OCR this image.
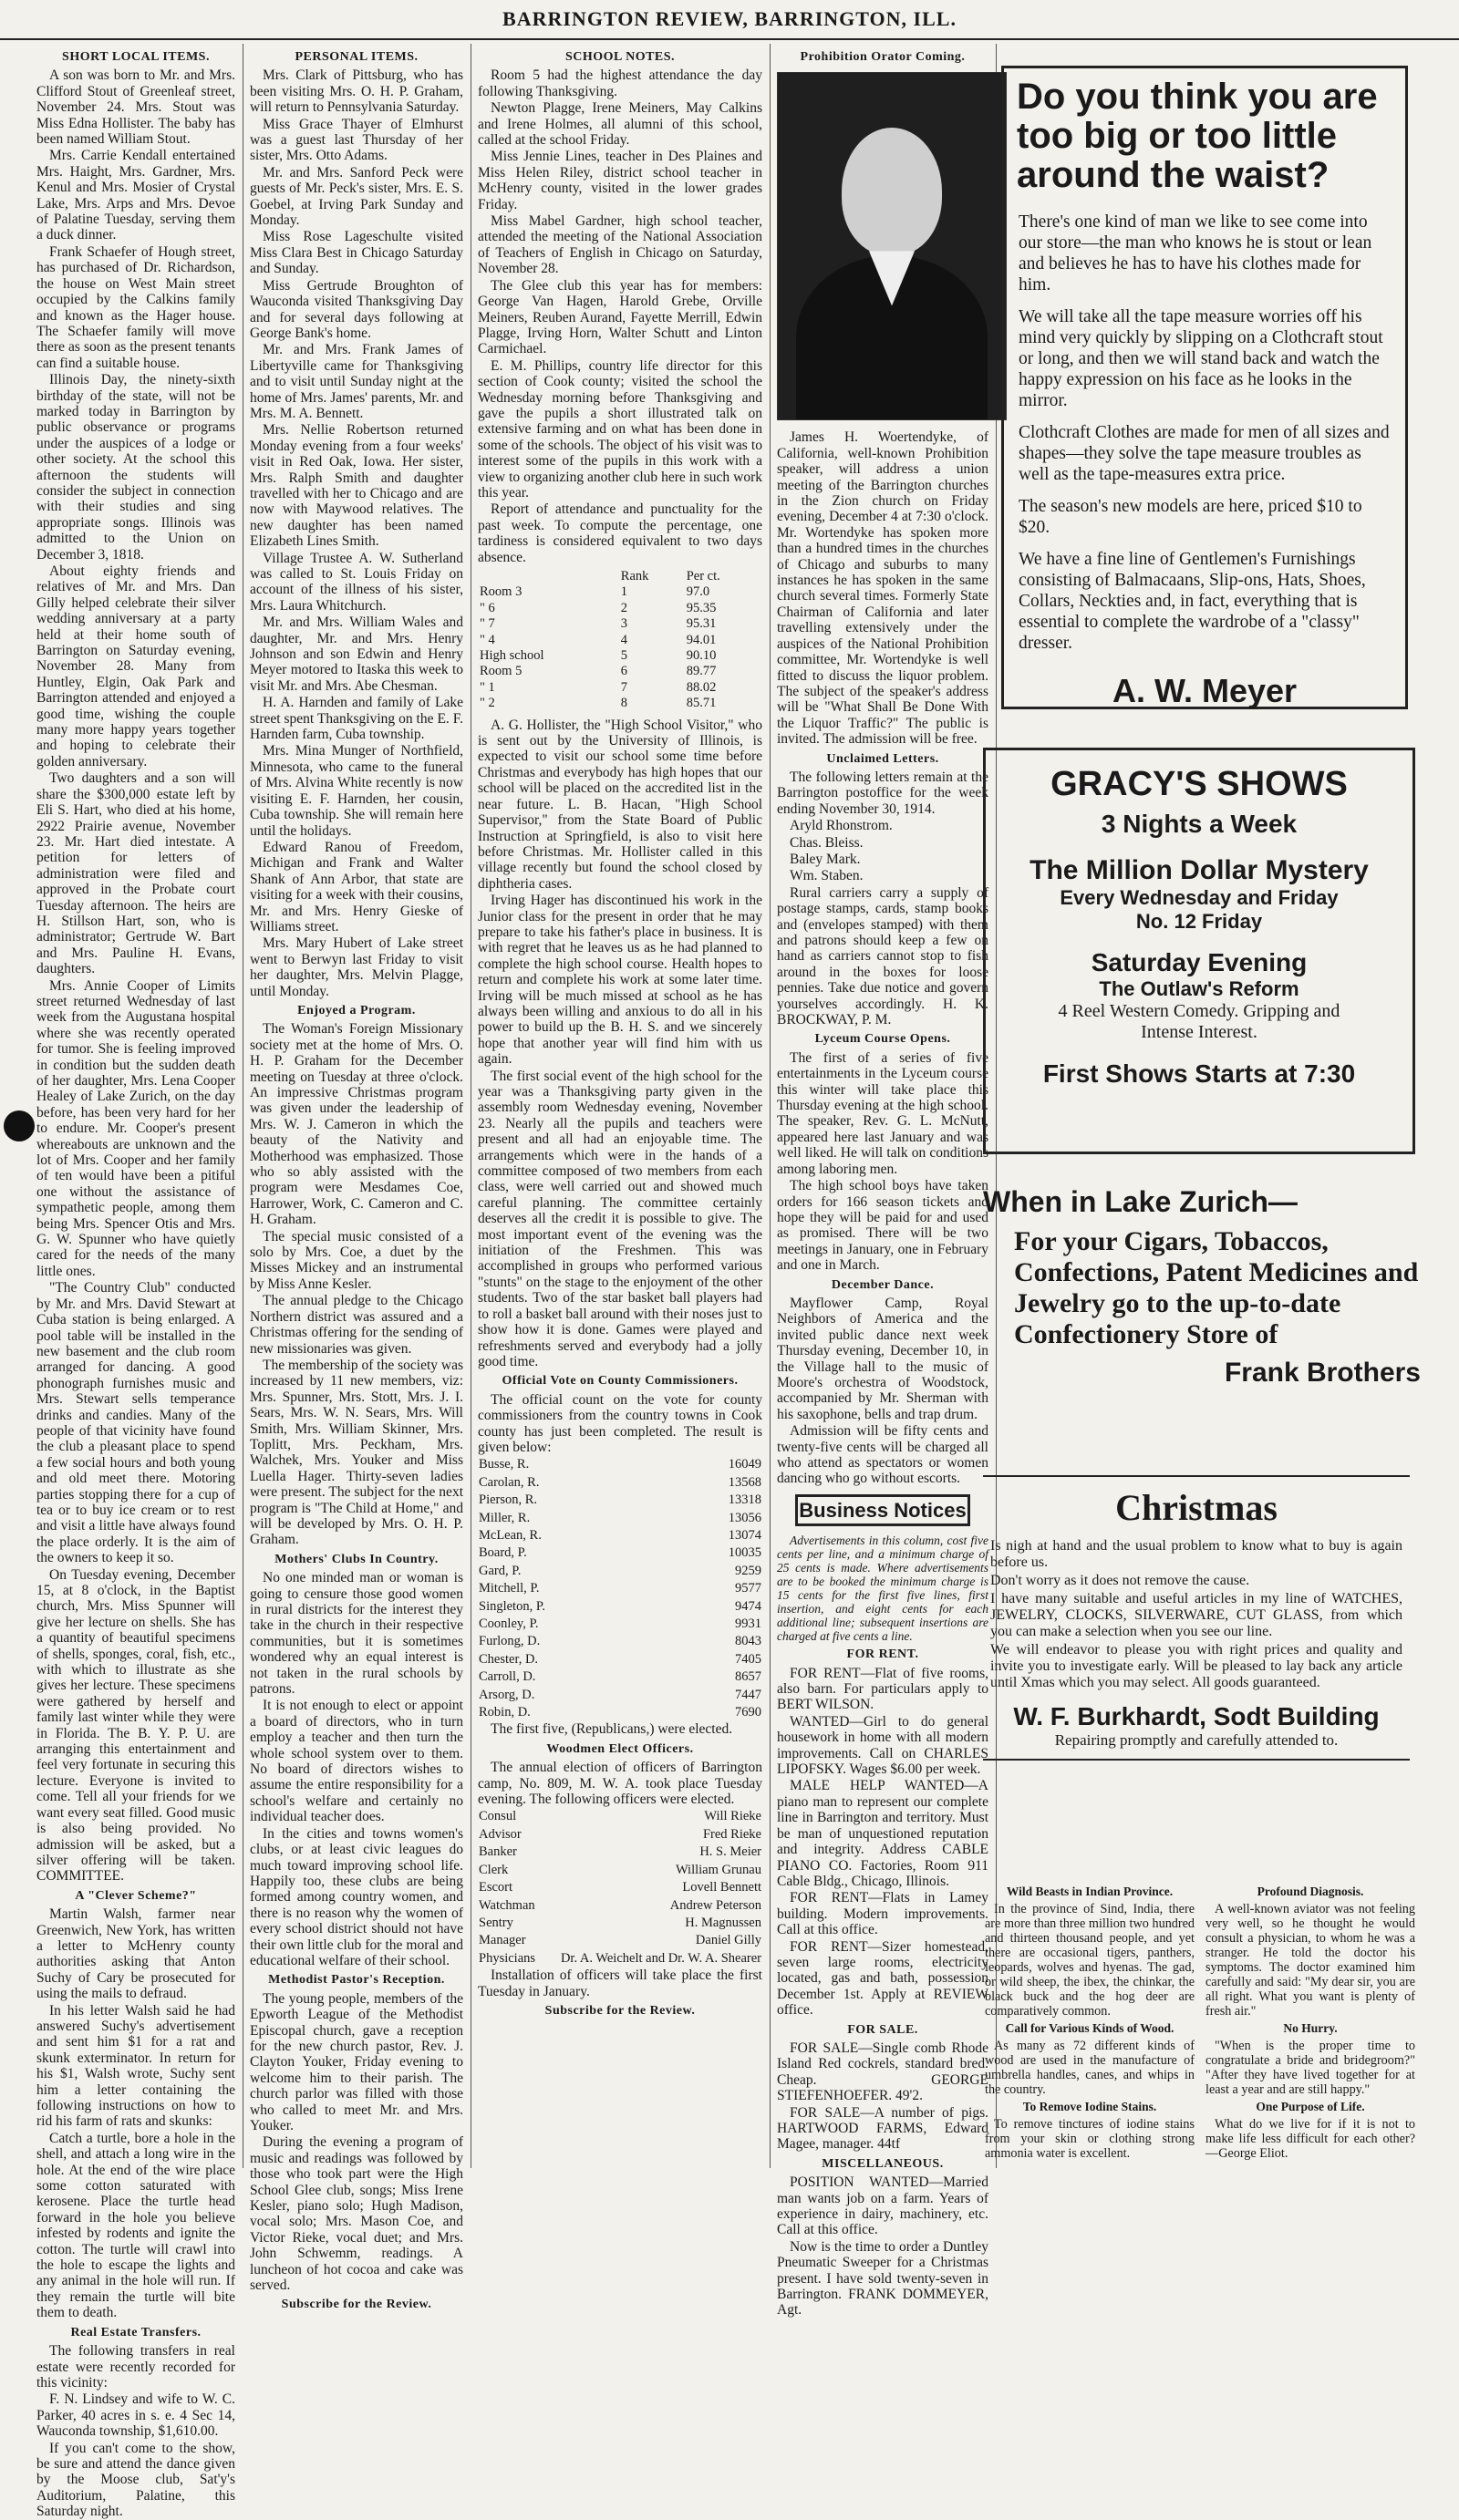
BARRINGTON REVIEW, BARRINGTON, ILL.
SHORT LOCAL ITEMS.

A son was born to Mr. and Mrs. Clifford Stout of Greenleaf street, November 24. Mrs. Stout was Miss Edna Hollister. The baby has been named William Stout.

Mrs. Carrie Kendall entertained Mrs. Haight, Mrs. Gardner, Mrs. Kenul and Mrs. Mosier of Crystal Lake, Mrs. Arps and Mrs. Devoe of Palatine Tuesday, serving them a duck dinner.

Frank Schaefer of Hough street, has purchased of Dr. Richardson, the house on West Main street occupied by the Calkins family and known as the Hager house. The Schaefer family will move there as soon as the present tenants can find a suitable house.

Illinois Day, the ninety-sixth birthday of the state, will not be marked today in Barrington by public observance or programs under the auspices of a lodge or other society. At the school this afternoon the students will consider the subject in connection with their studies and sing appropriate songs. Illinois was admitted to the Union on December 3, 1818.

About eighty friends and relatives of Mr. and Mrs. Dan Gilly helped celebrate their silver wedding anniversary at a party held at their home south of Barrington on Saturday evening, November 28. Many from Huntley, Elgin, Oak Park and Barrington attended and enjoyed a good time, wishing the couple many more happy years together and hoping to celebrate their golden anniversary.

Two daughters and a son will share the $300,000 estate left by Eli S. Hart, who died at his home, 2922 Prairie avenue, November 23. Mr. Hart died intestate. A petition for letters of administration were filed and approved in the Probate court Tuesday afternoon. The heirs are H. Stillson Hart, son, who is administrator; Gertrude W. Bart and Mrs. Pauline H. Evans, daughters.

Mrs. Annie Cooper of Limits street returned Wednesday of last week from the Augustana hospital where she was recently operated for tumor. She is feeling improved in condition but the sudden death of her daughter, Mrs. Lena Cooper Healey of Lake Zurich, on the day before, has been very hard for her to endure. Mr. Cooper's present whereabouts are unknown and the lot of Mrs. Cooper and her family of ten would have been a pitiful one without the assistance of sympathetic people, among them being Mrs. Spencer Otis and Mrs. G. W. Spunner who have quietly cared for the needs of the many little ones.

"The Country Club" conducted by Mr. and Mrs. David Stewart at Cuba station is being enlarged. A pool table will be installed in the new basement and the club room arranged for dancing. A good phonograph furnishes music and Mrs. Stewart sells temperance drinks and candies. Many of the people of that vicinity have found the club a pleasant place to spend a few social hours and both young and old meet there. Motoring parties stopping there for a cup of tea or to buy ice cream or to rest and visit a little have always found the place orderly. It is the aim of the owners to keep it so.

On Tuesday evening, December 15, at 8 o'clock, in the Baptist church, Mrs. Miss Spunner will give her lecture on shells. She has a quantity of beautiful specimens of shells, sponges, coral, fish, etc., with which to illustrate as she gives her lecture. These specimens were gathered by herself and family last winter while they were in Florida. The B. Y. P. U. are arranging this entertainment and feel very fortunate in securing this lecture. Everyone is invited to come. Tell all your friends for we want every seat filled. Good music is also being provided. No admission will be asked, but a silver offering will be taken. COMMITTEE.

A "Clever Scheme?"

Martin Walsh, farmer near Greenwich, New York, has written a letter to McHenry county authorities asking that Anton Suchy of Cary be prosecuted for using the mails to defraud.

In his letter Walsh said he had answered Suchy's advertisement and sent him $1 for a rat and skunk exterminator. In return for his $1, Walsh wrote, Suchy sent him a letter containing the following instructions on how to rid his farm of rats and skunks:

Catch a turtle, bore a hole in the shell, and attach a long wire in the hole. At the end of the wire place some cotton saturated with kerosene. Place the turtle head forward in the hole you believe infested by rodents and ignite the cotton. The turtle will crawl into the hole to escape the lights and any animal in the hole will run. If they remain the turtle will bite them to death.

Real Estate Transfers.

The following transfers in real estate were recently recorded for this vicinity:

F. N. Lindsey and wife to W. C. Parker, 40 acres in s. e. 4 Sec 14, Wauconda township, $1,610.00.

If you can't come to the show, be sure and attend the dance given by the Moose club, Sat'y's Auditorium, Palatine, this Saturday night.

PERSONAL ITEMS.

Mrs. Clark of Pittsburg, who has been visiting Mrs. O. H. P. Graham, will return to Pennsylvania Saturday.

Miss Grace Thayer of Elmhurst was a guest last Thursday of her sister, Mrs. Otto Adams.

Mr. and Mrs. Sanford Peck were guests of Mr. Peck's sister, Mrs. E. S. Goebel, at Irving Park Sunday and Monday.

Miss Rose Lageschulte visited Miss Clara Best in Chicago Saturday and Sunday.

Miss Gertrude Broughton of Wauconda visited Thanksgiving Day and for several days following at George Bank's home.

Mr. and Mrs. Frank James of Libertyville came for Thanksgiving and to visit until Sunday night at the home of Mrs. James' parents, Mr. and Mrs. M. A. Bennett.

Mrs. Nellie Robertson returned Monday evening from a four weeks' visit in Red Oak, Iowa. Her sister, Mrs. Ralph Smith and daughter travelled with her to Chicago and are now with Maywood relatives. The new daughter has been named Elizabeth Lines Smith.

Village Trustee A. W. Sutherland was called to St. Louis Friday on account of the illness of his sister, Mrs. Laura Whitchurch.

Mr. and Mrs. William Wales and daughter, Mr. and Mrs. Henry Johnson and son Edwin and Henry Meyer motored to Itaska this week to visit Mr. and Mrs. Abe Chesman.

H. A. Harnden and family of Lake street spent Thanksgiving on the E. F. Harnden farm, Cuba township.

Mrs. Mina Munger of Northfield, Minnesota, who came to the funeral of Mrs. Alvina White recently is now visiting E. F. Harnden, her cousin, Cuba township. She will remain here until the holidays.

Edward Ranou of Freedom, Michigan and Frank and Walter Shank of Ann Arbor, that state are visiting for a week with their cousins, Mr. and Mrs. Henry Gieske of Williams street.

Mrs. Mary Hubert of Lake street went to Berwyn last Friday to visit her daughter, Mrs. Melvin Plagge, until Monday.

Enjoyed a Program.

The Woman's Foreign Missionary society met at the home of Mrs. O. H. P. Graham for the December meeting on Tuesday at three o'clock. An impressive Christmas program was given under the leadership of Mrs. W. J. Cameron in which the beauty of the Nativity and Motherhood was emphasized. Those who so ably assisted with the program were Mesdames Coe, Harrower, Work, C. Cameron and C. H. Graham.

The special music consisted of a solo by Mrs. Coe, a duet by the Misses Mickey and an instrumental by Miss Anne Kesler.

The annual pledge to the Chicago Northern district was assured and a Christmas offering for the sending of new missionaries was given.

The membership of the society was increased by 11 new members, viz: Mrs. Spunner, Mrs. Stott, Mrs. J. I. Sears, Mrs. W. N. Sears, Mrs. Will Smith, Mrs. William Skinner, Mrs. Toplitt, Mrs. Peckham, Mrs. Walchek, Mrs. Youker and Miss Luella Hager. Thirty-seven ladies were present. The subject for the next program is "The Child at Home," and will be developed by Mrs. O. H. P. Graham.

Mothers' Clubs In Country.

No one minded man or woman is going to censure those good women in rural districts for the interest they take in the church in their respective communities, but it is sometimes wondered why an equal interest is not taken in the rural schools by patrons.

It is not enough to elect or appoint a board of directors, who in turn employ a teacher and then turn the whole school system over to them. No board of directors wishes to assume the entire responsibility for a school's welfare and certainly no individual teacher does.

In the cities and towns women's clubs, or at least civic leagues do much toward improving school life. Happily too, these clubs are being formed among country women, and there is no reason why the women of every school district should not have their own little club for the moral and educational welfare of their school.

Methodist Pastor's Reception.

The young people, members of the Epworth League of the Methodist Episcopal church, gave a reception for the new church pastor, Rev. J. Clayton Youker, Friday evening to welcome him to their parish. The church parlor was filled with those who called to meet Mr. and Mrs. Youker.

During the evening a program of music and readings was followed by those who took part were the High School Glee club, songs; Miss Irene Kesler, piano solo; Hugh Madison, vocal solo; Mrs. Mason Coe, and Victor Rieke, vocal duet; and Mrs. John Schwemm, readings. A luncheon of hot cocoa and cake was served.

Subscribe for the Review.
SCHOOL NOTES.

Room 5 had the highest attendance the day following Thanksgiving.

Newton Plagge, Irene Meiners, May Calkins and Irene Holmes, all alumni of this school, called at the school Friday.

Miss Jennie Lines, teacher in Des Plaines and Miss Helen Riley, district school teacher in McHenry county, visited in the lower grades Friday.

Miss Mabel Gardner, high school teacher, attended the meeting of the National Association of Teachers of English in Chicago on Saturday, November 28.

The Glee club this year has for members: George Van Hagen, Harold Grebe, Orville Meiners, Reuben Aurand, Fayette Merrill, Edwin Plagge, Irving Horn, Walter Schutt and Linton Carmichael.

E. M. Phillips, country life director for this section of Cook county; visited the school the Wednesday morning before Thanksgiving and gave the pupils a short illustrated talk on extensive farming and on what has been done in some of the schools. The object of his visit was to interest some of the pupils in this work with a view to organizing another club here in such work this year.

Report of attendance and punctuality for the past week. To compute the percentage, one tardiness is considered equivalent to two days absence.

	Rank	Per ct.
Room 3	1	97.0
" 6	2	95.35
" 7	3	95.31
" 4	4	94.01
High school	5	90.10
Room 5	6	89.77
" 1	7	88.02
" 2	8	85.71

A. G. Hollister, the "High School Visitor," who is sent out by the University of Illinois, is expected to visit our school some time before Christmas and everybody has high hopes that our school will be placed on the accredited list in the near future. L. B. Hacan, "High School Supervisor," from the State Board of Public Instruction at Springfield, is also to visit here before Christmas. Mr. Hollister called in this village recently but found the school closed by diphtheria cases.

Irving Hager has discontinued his work in the Junior class for the present in order that he may prepare to take his father's place in business. It is with regret that he leaves us as he had planned to complete the high school course. Health hopes to return and complete his work at some later time. Irving will be much missed at school as he has always been willing and anxious to do all in his power to build up the B. H. S. and we sincerely hope that another year will find him with us again.

The first social event of the high school for the year was a Thanksgiving party given in the assembly room Wednesday evening, November 23. Nearly all the pupils and teachers were present and all had an enjoyable time. The arrangements which were in the hands of a committee composed of two members from each class, were well carried out and showed much careful planning. The committee certainly deserves all the credit it is possible to give. The most important event of the evening was the initiation of the Freshmen. This was accomplished in groups who performed various "stunts" on the stage to the enjoyment of the other students. Two of the star basket ball players had to roll a basket ball around with their noses just to show how it is done. Games were played and refreshments served and everybody had a jolly good time.

Official Vote on County Commissioners.

The official count on the vote for county commissioners from the country towns in Cook county has just been completed. The result is given below:

Busse, R.	16049
Carolan, R.	13568
Pierson, R.	13318
Miller, R.	13056
McLean, R.	13074
Board, P.	10035
Gard, P.	9259
Mitchell, P.	9577
Singleton, P.	9474
Coonley, P.	9931
Furlong, D.	8043
Chester, D.	7405
Carroll, D.	8657
Arsorg, D.	7447
Robin, D.	7690

The first five, (Republicans,) were elected.

Woodmen Elect Officers.

The annual election of officers of Barrington camp, No. 809, M. W. A. took place Tuesday evening. The following officers were elected.

Consul	Will Rieke
Advisor	Fred Rieke
Banker	H. S. Meier
Clerk	William Grunau
Escort	Lovell Bennett
Watchman	Andrew Peterson
Sentry	H. Magnussen
Manager	Daniel Gilly
Physicians	Dr. A. Weichelt and Dr. W. A. Shearer

Installation of officers will take place the first Tuesday in January.

Subscribe for the Review.
Prohibition Orator Coming.

James H. Woertendyke, of California, well-known Prohibition speaker, will address a union meeting of the Barrington churches in the Zion church on Friday evening, December 4 at 7:30 o'clock. Mr. Wortendyke has spoken more than a hundred times in the churches of Chicago and suburbs to many instances he has spoken in the same church several times. Formerly State Chairman of California and later travelling extensively under the auspices of the National Prohibition committee, Mr. Wortendyke is well fitted to discuss the liquor problem. The subject of the speaker's address will be "What Shall Be Done With the Liquor Traffic?" The public is invited. The admission will be free.

Unclaimed Letters.

The following letters remain at the Barrington postoffice for the week ending November 30, 1914.

Aryld Rhonstrom.

Chas. Bleiss.

Baley Mark.

Wm. Staben.

Rural carriers carry a supply of postage stamps, cards, stamp books and (envelopes stamped) with them and patrons should keep a few on hand as carriers cannot stop to fish around in the boxes for loose pennies. Take due notice and govern yourselves accordingly. H. K. BROCKWAY, P. M.

Lyceum Course Opens.

The first of a series of five entertainments in the Lyceum course this winter will take place this Thursday evening at the high school. The speaker, Rev. G. L. McNutt, appeared here last January and was well liked. He will talk on conditions among laboring men.

The high school boys have taken orders for 166 season tickets and hope they will be paid for and used as promised. There will be two meetings in January, one in February and one in March.

December Dance.

Mayflower Camp, Royal Neighbors of America and the invited public dance next week Thursday evening, December 10, in the Village hall to the music of Moore's orchestra of Woodstock, accompanied by Mr. Sherman with his saxophone, bells and trap drum.

Admission will be fifty cents and twenty-five cents will be charged all who attend as spectators or women dancing who go without escorts.

Business Notices

Advertisements in this column, cost five cents per line, and a minimum charge of 25 cents is made. Where advertisements are to be booked the minimum charge is 15 cents for the first five lines, first insertion, and eight cents for each additional line; subsequent insertions are charged at five cents a line.

FOR RENT.

FOR RENT—Flat of five rooms, also barn. For particulars apply to BERT WILSON.

WANTED—Girl to do general housework in home with all modern improvements. Call on CHARLES LIPOFSKY. Wages $6.00 per week.

MALE HELP WANTED—A piano man to represent our complete line in Barrington and territory. Must be man of unquestioned reputation and integrity. Address CABLE PIANO CO. Factories, Room 911 Cable Bldg., Chicago, Illinois.

FOR RENT—Flats in Lamey building. Modern improvements. Call at this office.

FOR RENT—Sizer homestead, seven large rooms, electricity located, gas and bath, possession December 1st. Apply at REVIEW office.

FOR SALE.

FOR SALE—Single comb Rhode Island Red cockrels, standard bred. Cheap. GEORGE STIEFENHOEFER. 49'2.

FOR SALE—A number of pigs. HARTWOOD FARMS, Edward Magee, manager. 44tf

MISCELLANEOUS.

POSITION WANTED—Married man wants job on a farm. Years of experience in dairy, machinery, etc. Call at this office.

Now is the time to order a Duntley Pneumatic Sweeper for a Christmas present. I have sold twenty-seven in Barrington. FRANK DOMMEYER, Agt.

Do you think you are too big or too little around the waist?

There's one kind of man we like to see come into our store—the man who knows he is stout or lean and believes he has to have his clothes made for him.

We will take all the tape measure worries off his mind very quickly by slipping on a Clothcraft stout or long, and then we will stand back and watch the happy expression on his face as he looks in the mirror.

Clothcraft Clothes are made for men of all sizes and shapes—they solve the tape measure troubles as well as the tape-measures extra price.

The season's new models are here, priced $10 to $20.

We have a fine line of Gentlemen's Furnishings consisting of Balmacaans, Slip-ons, Hats, Shoes, Collars, Neckties and, in fact, everything that is essential to complete the wardrobe of a "classy" dresser.

A. W. Meyer
GRACY'S SHOWS
3 Nights a Week
The Million Dollar Mystery
Every Wednesday and Friday
No. 12 Friday
Saturday Evening
The Outlaw's Reform
4 Reel Western Comedy. Gripping and
Intense Interest.
First Shows Starts at 7:30
When in Lake Zurich—
For your Cigars, Tobaccos, Confections, Patent Medicines and Jewelry go to the up-to-date Confectionery Store of
Frank Brothers
Christmas

Is nigh at hand and the usual problem to know what to buy is again before us.

Don't worry as it does not remove the cause.

I have many suitable and useful articles in my line of WATCHES, JEWELRY, CLOCKS, SILVERWARE, CUT GLASS, from which you can make a selection when you see our line.

We will endeavor to please you with right prices and quality and invite you to investigate early. Will be pleased to lay back any article until Xmas which you may select. All goods guaranteed.

W. F. Burkhardt, Sodt Building
Repairing promptly and carefully attended to.
Wild Beasts in Indian Province.

In the province of Sind, India, there are more than three million two hundred and thirteen thousand people, and yet there are occasional tigers, panthers, leopards, wolves and hyenas. The gad, or wild sheep, the ibex, the chinkar, the black buck and the hog deer are comparatively common.

Call for Various Kinds of Wood.

As many as 72 different kinds of wood are used in the manufacture of umbrella handles, canes, and whips in the country.

To Remove Iodine Stains.

To remove tinctures of iodine stains from your skin or clothing strong ammonia water is excellent.

Profound Diagnosis.

A well-known aviator was not feeling very well, so he thought he would consult a physician, to whom he was a stranger. He told the doctor his symptoms. The doctor examined him carefully and said: "My dear sir, you are all right. What you want is plenty of fresh air."

No Hurry.

"When is the proper time to congratulate a bride and bridegroom?" "After they have lived together for at least a year and are still happy."

One Purpose of Life.

What do we live for if it is not to make life less difficult for each other? —George Eliot.
